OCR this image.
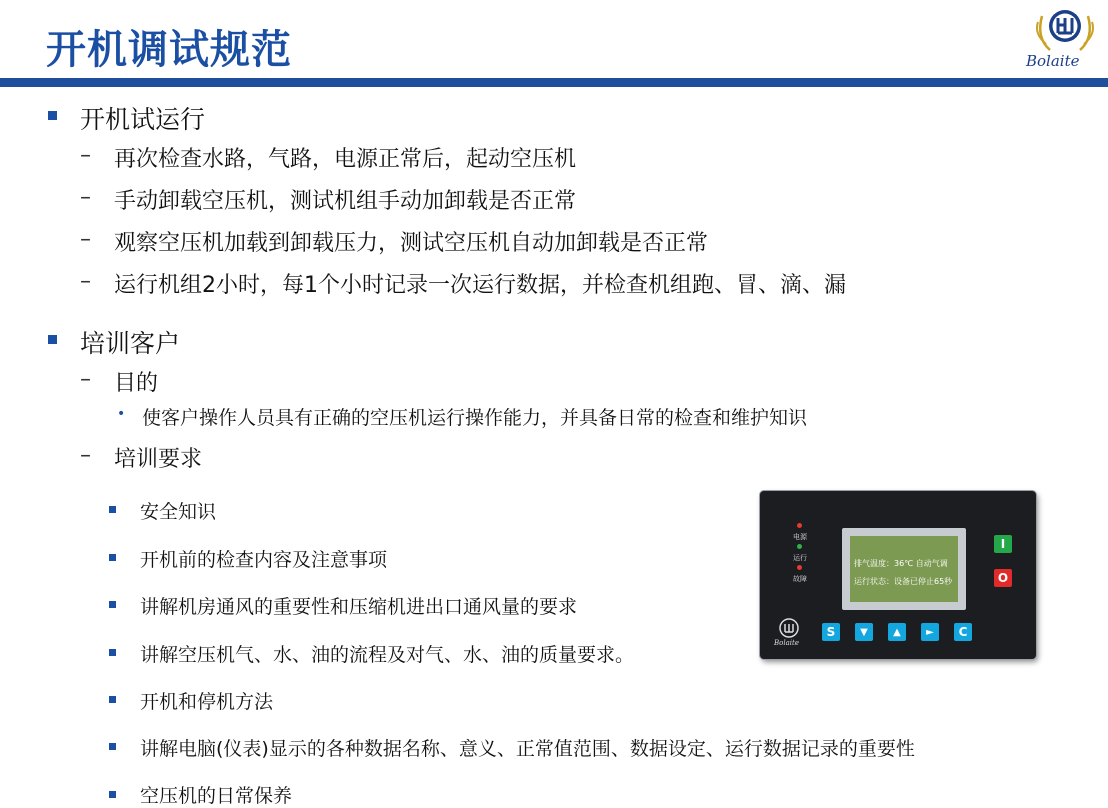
开机调试规范	Bolaite
开机试运行
– 再次检查水路，气路，电源正常后，起动空压机
– 手动卸载空压机，测试机组手动加卸载是否正常
– 观察空压机加载到卸载压力，测试空压机自动加卸载是否正常
– 运行机组2小时，每1个小时记录一次运行数据，并检查机组跑、冒、滴、漏
培训客户
– 目的
• 使客户操作人员具有正确的空压机运行操作能力，并具备日常的检查和维护知识
– 培训要求
安全知识
开机前的检查内容及注意事项
讲解机房通风的重要性和压缩机进出口通风量的要求
讲解空压机气、水、油的流程及对气、水、油的质量要求。
开机和停机方法
讲解电脑(仪表)显示的各种数据名称、意义、正常值范围、数据设定、运行数据记录的重要性
空压机的日常保养
电源
运行
故障
排气温度：36℃ 自动气调
运行状态：设备已停止65秒
I
O
Bolaite
S	▼	▲	►	C
